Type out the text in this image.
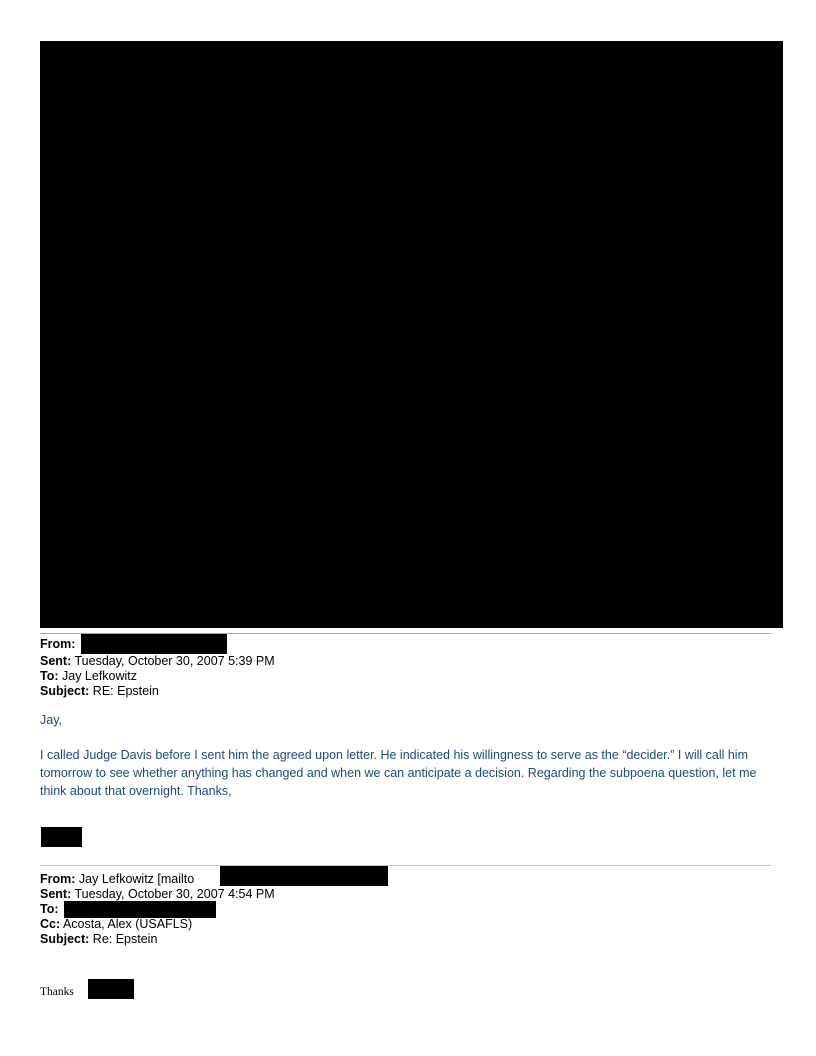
From:
Sent: Tuesday, October 30, 2007 5:39 PM
To: Jay Lefkowitz
Subject: RE: Epstein
Jay,
I called Judge Davis before I sent him the agreed upon letter. He indicated his willingness to serve as the “decider.” I will call him tomorrow to see whether anything has changed and when we can anticipate a decision. Regarding the subpoena question, let me think about that overnight. Thanks,
From: Jay Lefkowitz [mailto
Sent: Tuesday, October 30, 2007 4:54 PM
To:
Cc: Acosta, Alex (USAFLS)
Subject: Re: Epstein
Thanks
